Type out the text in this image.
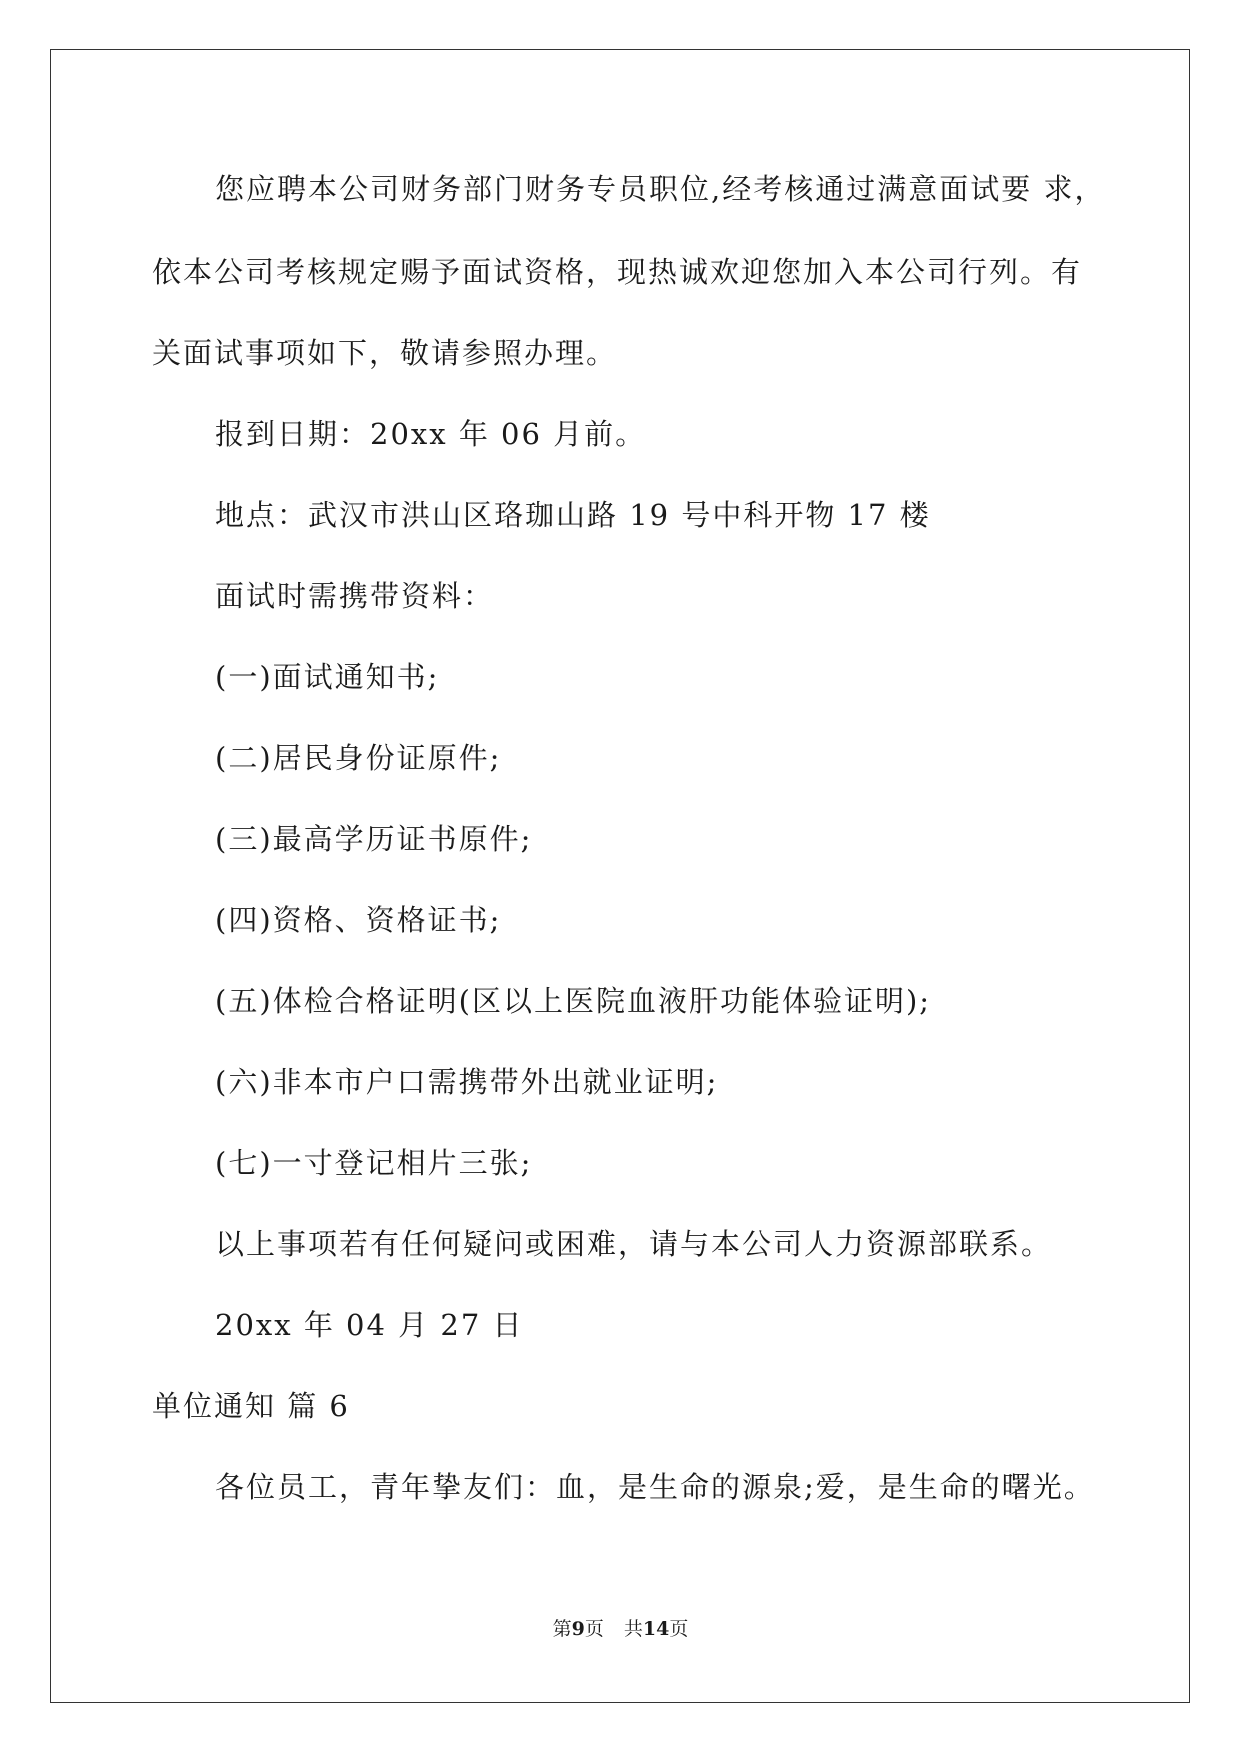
您应聘本公司财务部门财务专员职位,经考核通过满意面试要 求，
依本公司考核规定赐予面试资格，现热诚欢迎您加入本公司行列。有
关面试事项如下，敬请参照办理。
报到日期：20xx 年 06 月前。
地点：武汉市洪山区珞珈山路 19 号中科开物 17 楼
面试时需携带资料：
(一)面试通知书;
(二)居民身份证原件;
(三)最高学历证书原件;
(四)资格、资格证书;
(五)体检合格证明(区以上医院血液肝功能体验证明);
(六)非本市户口需携带外出就业证明;
(七)一寸登记相片三张;
以上事项若有任何疑问或困难，请与本公司人力资源部联系。
20xx 年 04 月 27 日
单位通知 篇 6
各位员工，青年挚友们：血，是生命的源泉;爱，是生命的曙光。
第9页 共14页
